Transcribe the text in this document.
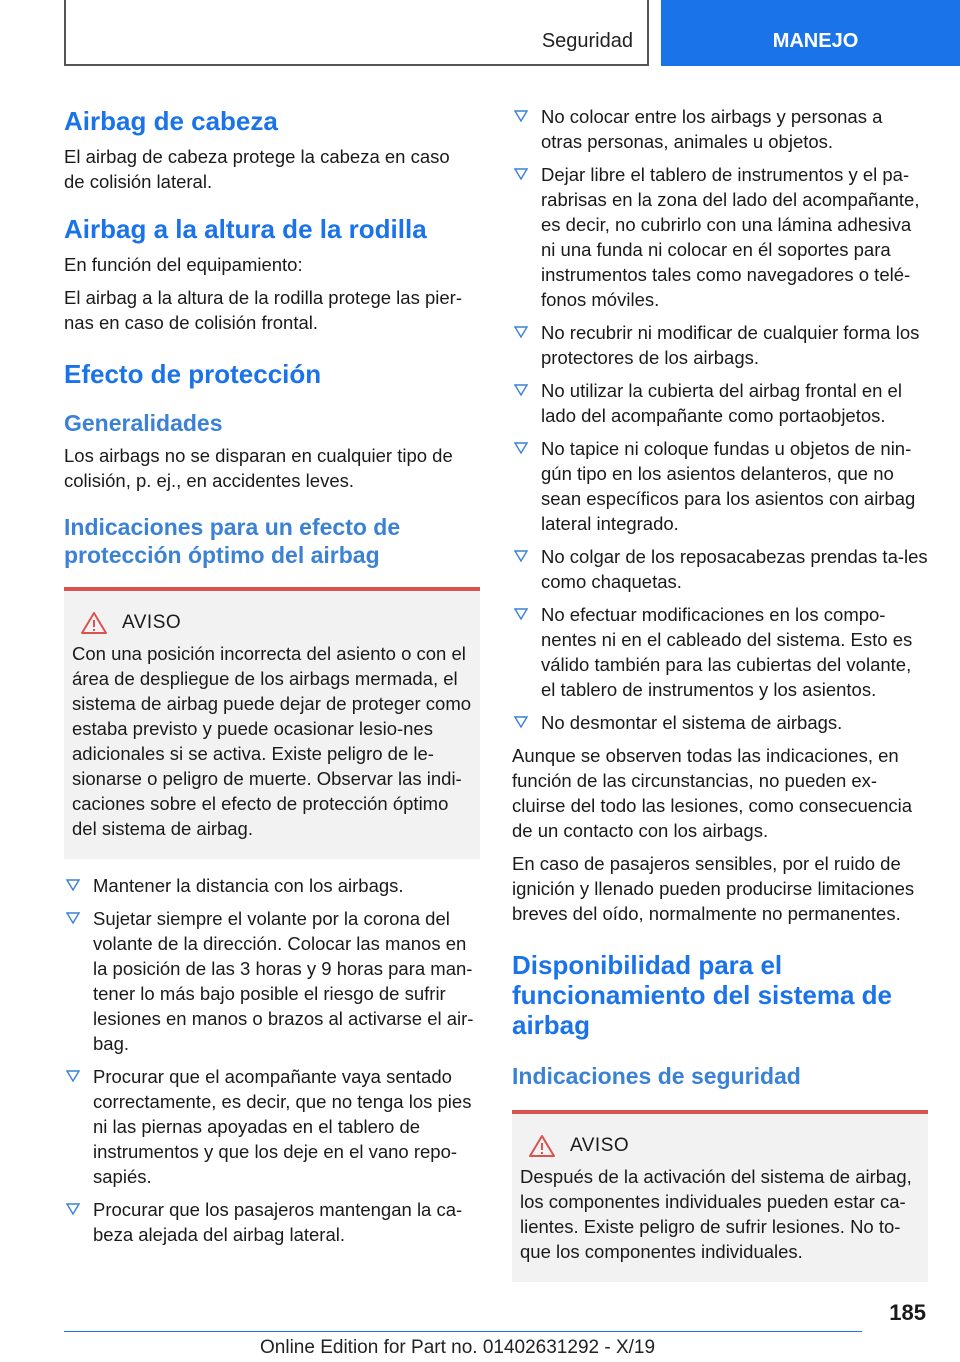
Seguridad	MANEJO
Airbag de cabeza

El airbag de cabeza protege la cabeza en caso de colisión lateral.

Airbag a la altura de la rodilla

En función del equipamiento:

El airbag a la altura de la rodilla protege las pier-nas en caso de colisión frontal.

Efecto de protección
Generalidades

Los airbags no se disparan en cualquier tipo de colisión, p. ej., en accidentes leves.

Indicaciones para un efecto de protección óptimo del airbag
AVISO

Con una posición incorrecta del asiento o con el área de despliegue de los airbags mermada, el sistema de airbag puede dejar de proteger como estaba previsto y puede ocasionar lesio-nes adicionales si se activa. Existe peligro de le-sionarse o peligro de muerte. Observar las indi-caciones sobre el efecto de protección óptimo del sistema de airbag.

Mantener la distancia con los airbags.
Sujetar siempre el volante por la corona del volante de la dirección. Colocar las manos en la posición de las 3 horas y 9 horas para man-tener lo más bajo posible el riesgo de sufrir lesiones en manos o brazos al activarse el air-bag.
Procurar que el acompañante vaya sentado correctamente, es decir, que no tenga los pies ni las piernas apoyadas en el tablero de instrumentos y que los deje en el vano repo-sapiés.
Procurar que los pasajeros mantengan la ca-beza alejada del airbag lateral.
No colocar entre los airbags y personas a otras personas, animales u objetos.
Dejar libre el tablero de instrumentos y el pa-rabrisas en la zona del lado del acompañante, es decir, no cubrirlo con una lámina adhesiva ni una funda ni colocar en él soportes para instrumentos tales como navegadores o telé-fonos móviles.
No recubrir ni modificar de cualquier forma los protectores de los airbags.
No utilizar la cubierta del airbag frontal en el lado del acompañante como portaobjetos.
No tapice ni coloque fundas u objetos de nin-gún tipo en los asientos delanteros, que no sean específicos para los asientos con airbag lateral integrado.
No colgar de los reposacabezas prendas ta-les como chaquetas.
No efectuar modificaciones en los compo-nentes ni en el cableado del sistema. Esto es válido también para las cubiertas del volante, el tablero de instrumentos y los asientos.
No desmontar el sistema de airbags.

Aunque se observen todas las indicaciones, en función de las circunstancias, no pueden ex-cluirse del todo las lesiones, como consecuencia de un contacto con los airbags.

En caso de pasajeros sensibles, por el ruido de ignición y llenado pueden producirse limitaciones breves del oído, normalmente no permanentes.

Disponibilidad para el funcionamiento del sistema de airbag
Indicaciones de seguridad
AVISO

Después de la activación del sistema de airbag, los componentes individuales pueden estar ca-lientes. Existe peligro de sufrir lesiones. No to-que los componentes individuales.

185
Online Edition for Part no. 01402631292 - X/19
